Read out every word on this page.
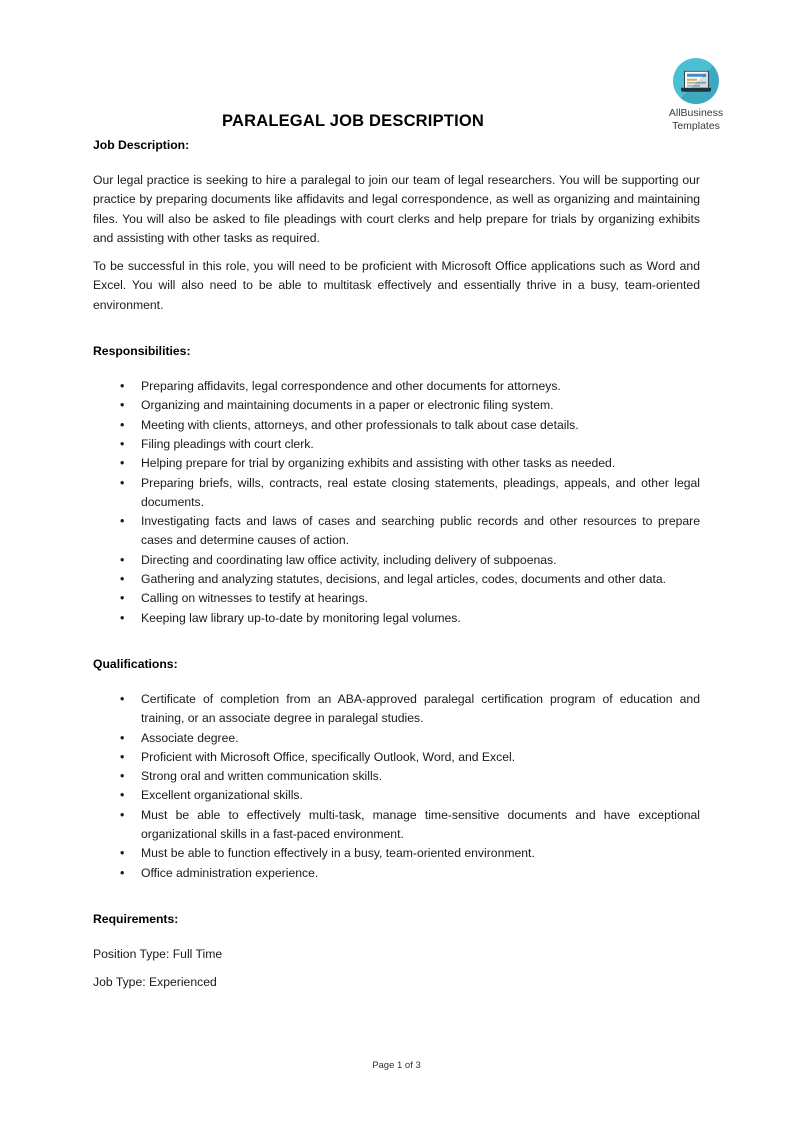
AllBusiness
Templates
PARALEGAL JOB DESCRIPTION
Job Description:

Our legal practice is seeking to hire a paralegal to join our team of legal researchers. You will be supporting our practice by preparing documents like affidavits and legal correspondence, as well as organizing and maintaining files. You will also be asked to file pleadings with court clerks and help prepare for trials by organizing exhibits and assisting with other tasks as required.

To be successful in this role, you will need to be proficient with Microsoft Office applications such as Word and Excel. You will also need to be able to multitask effectively and essentially thrive in a busy, team-oriented environment.

Responsibilities:
• Preparing affidavits, legal correspondence and other documents for attorneys.
• Organizing and maintaining documents in a paper or electronic filing system.
• Meeting with clients, attorneys, and other professionals to talk about case details.
• Filing pleadings with court clerk.
• Helping prepare for trial by organizing exhibits and assisting with other tasks as needed.
• Preparing briefs, wills, contracts, real estate closing statements, pleadings, appeals, and other legal documents.
• Investigating facts and laws of cases and searching public records and other resources to prepare cases and determine causes of action.
• Directing and coordinating law office activity, including delivery of subpoenas.
• Gathering and analyzing statutes, decisions, and legal articles, codes, documents and other data.
• Calling on witnesses to testify at hearings.
• Keeping law library up-to-date by monitoring legal volumes.
Qualifications:
• Certificate of completion from an ABA-approved paralegal certification program of education and training, or an associate degree in paralegal studies.
• Associate degree.
• Proficient with Microsoft Office, specifically Outlook, Word, and Excel.
• Strong oral and written communication skills.
• Excellent organizational skills.
• Must be able to effectively multi-task, manage time-sensitive documents and have exceptional organizational skills in a fast-paced environment.
• Must be able to function effectively in a busy, team-oriented environment.
• Office administration experience.
Requirements:

Position Type: Full Time

Job Type: Experienced

Page 1 of 3
